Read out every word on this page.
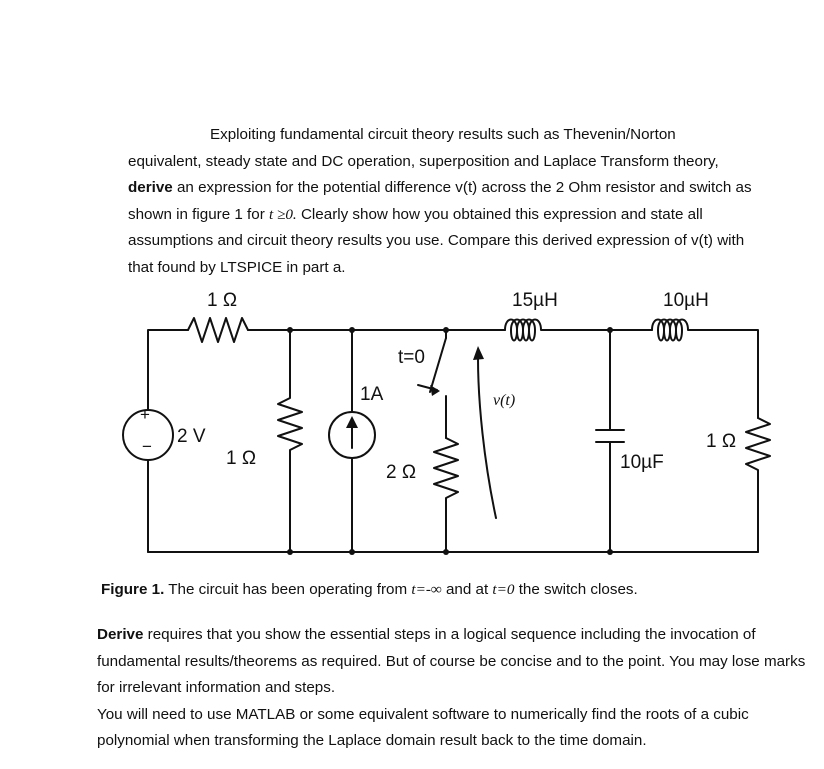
Exploiting fundamental circuit theory results such as Thevenin/Norton
equivalent, steady state and DC operation, superposition and Laplace Transform theory,
derive an expression for the potential difference v(t) across the 2 Ohm resistor and switch as
shown in figure 1 for t ≥0. Clearly show how you obtained this expression and state all
assumptions and circuit theory results you use. Compare this derived expression of v(t) with
that found by LTSPICE in part a.
1 Ω
+
− 2 V
1 Ω
1A
t=0
2 Ω
v(t)
15µH	10µH
10µF
1 Ω
Figure 1. The circuit has been operating from t=-∞ and at t=0 the switch closes.
Derive requires that you show the essential steps in a logical sequence including the invocation of fundamental results/theorems as required. But of course be concise and to the point. You may lose marks for irrelevant information and steps.
You will need to use MATLAB or some equivalent software to numerically find the roots of a cubic polynomial when transforming the Laplace domain result back to the time domain.
